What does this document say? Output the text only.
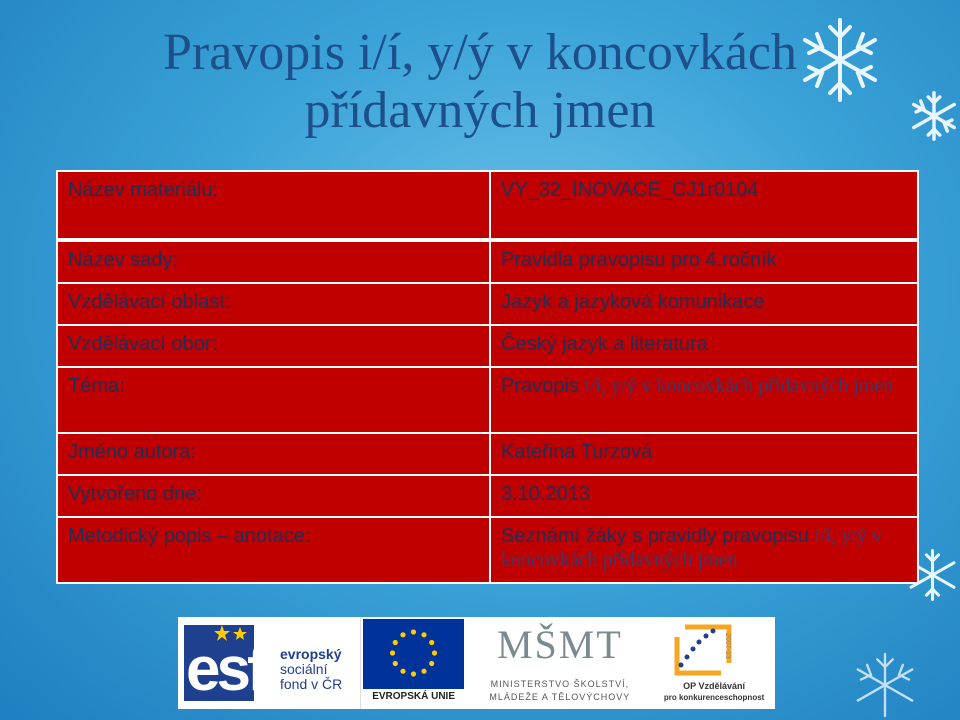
Pravopis i/í, y/ý v koncovkách
přídavných jmen
Název materiálu:	VY_32_INOVACE_CJ1r0104
Název sady:	Pravidla pravopisu pro 4.ročník
Vzdělávací oblast:	Jazyk a jazyková komunikace
Vzdělávací obor:	Český jazyk a literatura
Téma:	Pravopis i/í, y/ý v koncovkách přídavných jmen
Jméno autora:	Kateřina Turzová
Vytvořeno dne:	3.10.2013
Metodický popis – anotace:	Seznámí žáky s pravidly pravopisu i/í, y/ý v koncovkách přídavných jmen
esf evropský
sociální
fond v ČR
EVROPSKÁ UNIE
MŠMT
MINISTERSTVO ŠKOLSTVÍ,
MLÁDEŽE A TĚLOVÝCHOVY
2007-13
OP Vzdělávání
pro konkurenceschopnost
